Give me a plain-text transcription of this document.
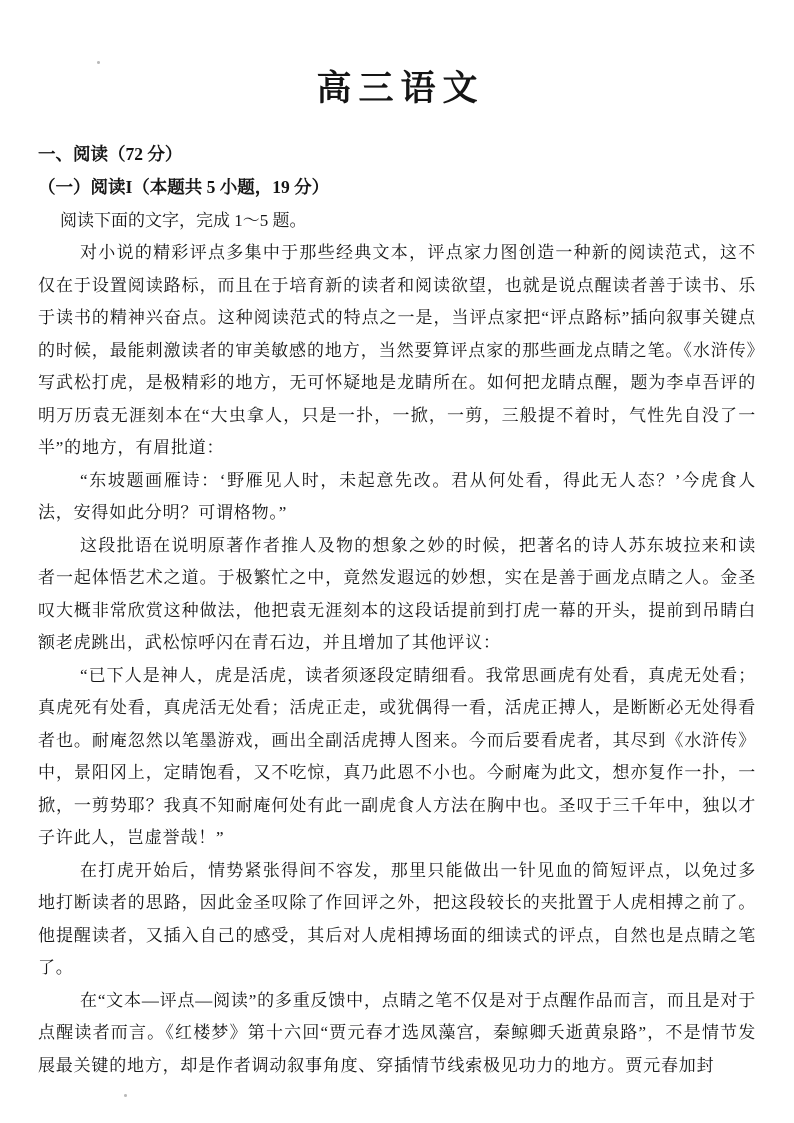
高三语文
一、阅读（72 分）
（一）阅读I（本题共 5 小题，19 分）
阅读下面的文字，完成 1～5 题。

对小说的精彩评点多集中于那些经典文本，评点家力图创造一种新的阅读范式，这不仅在于设置阅读路标，而且在于培育新的读者和阅读欲望，也就是说点醒读者善于读书、乐于读书的精神兴奋点。这种阅读范式的特点之一是，当评点家把“评点路标”插向叙事关键点的时候，最能刺激读者的审美敏感的地方，当然要算评点家的那些画龙点睛之笔。《水浒传》写武松打虎，是极精彩的地方，无可怀疑地是龙睛所在。如何把龙睛点醒，题为李卓吾评的明万历袁无涯刻本在“大虫拿人，只是一扑，一掀，一剪，三般提不着时，气性先自没了一半”的地方，有眉批道：

“东坡题画雁诗：‘野雁见人时，未起意先改。君从何处看，得此无人态？’今虎食人法，安得如此分明？可谓格物。”

这段批语在说明原著作者推人及物的想象之妙的时候，把著名的诗人苏东坡拉来和读者一起体悟艺术之道。于极繁忙之中，竟然发遐远的妙想，实在是善于画龙点睛之人。金圣叹大概非常欣赏这种做法，他把袁无涯刻本的这段话提前到打虎一幕的开头，提前到吊睛白额老虎跳出，武松惊呼闪在青石边，并且增加了其他评议：

“已下人是神人，虎是活虎，读者须逐段定睛细看。我常思画虎有处看，真虎无处看；真虎死有处看，真虎活无处看；活虎正走，或犹偶得一看，活虎正搏人，是断断必无处得看者也。耐庵忽然以笔墨游戏，画出全副活虎搏人图来。今而后要看虎者，其尽到《水浒传》中，景阳冈上，定睛饱看，又不吃惊，真乃此恩不小也。今耐庵为此文，想亦复作一扑，一掀，一剪势耶？我真不知耐庵何处有此一副虎食人方法在胸中也。圣叹于三千年中，独以才子许此人，岂虚誉哉！”

在打虎开始后，情势紧张得间不容发，那里只能做出一针见血的简短评点，以免过多地打断读者的思路，因此金圣叹除了作回评之外，把这段较长的夹批置于人虎相搏之前了。他提醒读者，又插入自己的感受，其后对人虎相搏场面的细读式的评点，自然也是点睛之笔了。

在“文本—评点—阅读”的多重反馈中，点睛之笔不仅是对于点醒作品而言，而且是对于点醒读者而言。《红楼梦》第十六回“贾元春才选凤藻宫，秦鲸卿夭逝黄泉路”，不是情节发展最关键的地方，却是作者调动叙事角度、穿插情节线索极见功力的地方。贾元春加封
